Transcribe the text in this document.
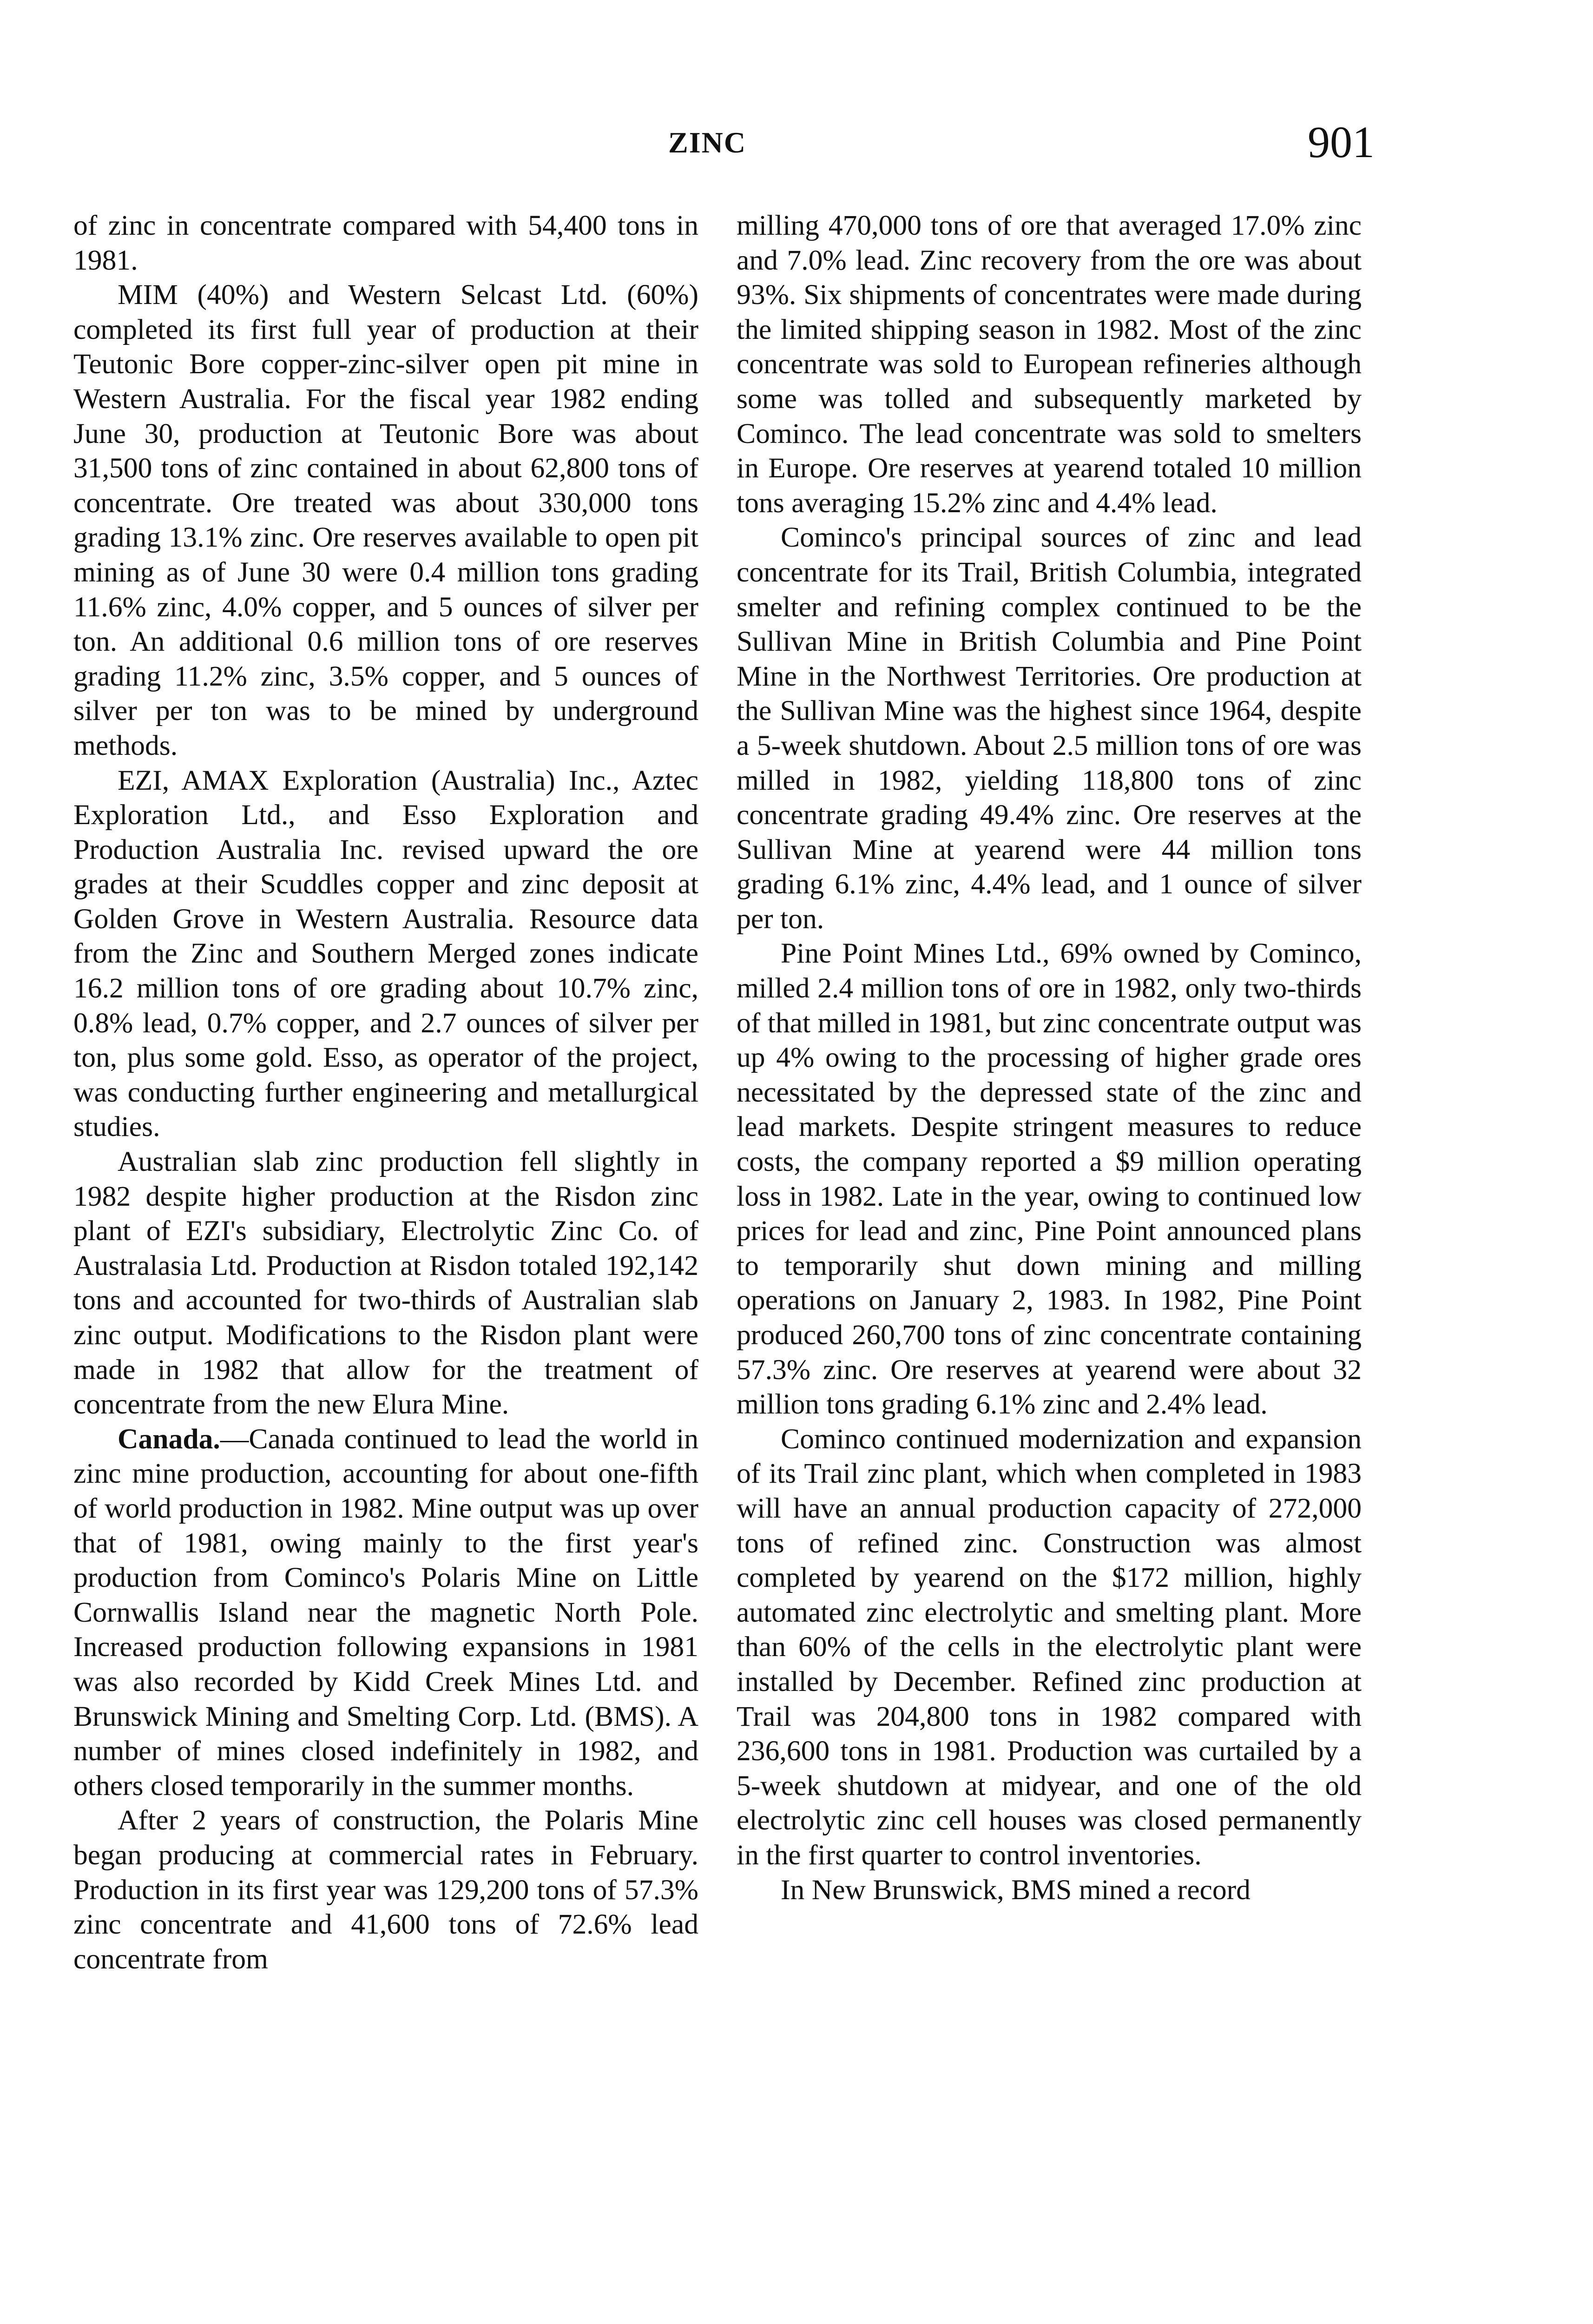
ZINC	901

of zinc in concentrate compared with 54,400 tons in 1981.

MIM (40%) and Western Selcast Ltd. (60%) completed its first full year of production at their Teutonic Bore copper-zinc-silver open pit mine in Western Australia. For the fiscal year 1982 ending June 30, production at Teutonic Bore was about 31,500 tons of zinc contained in about 62,800 tons of concentrate. Ore treated was about 330,000 tons grading 13.1% zinc. Ore reserves available to open pit mining as of June 30 were 0.4 million tons grading 11.6% zinc, 4.0% copper, and 5 ounces of silver per ton. An additional 0.6 million tons of ore reserves grading 11.2% zinc, 3.5% copper, and 5 ounces of silver per ton was to be mined by underground methods.

EZI, AMAX Exploration (Australia) Inc., Aztec Exploration Ltd., and Esso Exploration and Production Australia Inc. revised upward the ore grades at their Scuddles copper and zinc deposit at Golden Grove in Western Australia. Resource data from the Zinc and Southern Merged zones indicate 16.2 million tons of ore grading about 10.7% zinc, 0.8% lead, 0.7% copper, and 2.7 ounces of silver per ton, plus some gold. Esso, as operator of the project, was conducting further engineering and metallurgical studies.

Australian slab zinc production fell slightly in 1982 despite higher production at the Risdon zinc plant of EZI's subsidiary, Electrolytic Zinc Co. of Australasia Ltd. Production at Risdon totaled 192,142 tons and accounted for two-thirds of Australian slab zinc output. Modifications to the Risdon plant were made in 1982 that allow for the treatment of concentrate from the new Elura Mine.

Canada.—Canada continued to lead the world in zinc mine production, accounting for about one-fifth of world production in 1982. Mine output was up over that of 1981, owing mainly to the first year's production from Cominco's Polaris Mine on Little Cornwallis Island near the magnetic North Pole. Increased production following expansions in 1981 was also recorded by Kidd Creek Mines Ltd. and Brunswick Mining and Smelting Corp. Ltd. (BMS). A number of mines closed indefinitely in 1982, and others closed temporarily in the summer months.

After 2 years of construction, the Polaris Mine began producing at commercial rates in February. Production in its first year was 129,200 tons of 57.3% zinc concentrate and 41,600 tons of 72.6% lead concentrate from

milling 470,000 tons of ore that averaged 17.0% zinc and 7.0% lead. Zinc recovery from the ore was about 93%. Six shipments of concentrates were made during the limited shipping season in 1982. Most of the zinc concentrate was sold to European refineries although some was tolled and subsequently marketed by Cominco. The lead concentrate was sold to smelters in Europe. Ore reserves at yearend totaled 10 million tons averaging 15.2% zinc and 4.4% lead.

Cominco's principal sources of zinc and lead concentrate for its Trail, British Columbia, integrated smelter and refining complex continued to be the Sullivan Mine in British Columbia and Pine Point Mine in the Northwest Territories. Ore production at the Sullivan Mine was the highest since 1964, despite a 5-week shutdown. About 2.5 million tons of ore was milled in 1982, yielding 118,800 tons of zinc concentrate grading 49.4% zinc. Ore reserves at the Sullivan Mine at yearend were 44 million tons grading 6.1% zinc, 4.4% lead, and 1 ounce of silver per ton.

Pine Point Mines Ltd., 69% owned by Cominco, milled 2.4 million tons of ore in 1982, only two-thirds of that milled in 1981, but zinc concentrate output was up 4% owing to the processing of higher grade ores necessitated by the depressed state of the zinc and lead markets. Despite stringent measures to reduce costs, the company reported a $9 million operating loss in 1982. Late in the year, owing to continued low prices for lead and zinc, Pine Point announced plans to temporarily shut down mining and milling operations on January 2, 1983. In 1982, Pine Point produced 260,700 tons of zinc concentrate containing 57.3% zinc. Ore reserves at yearend were about 32 million tons grading 6.1% zinc and 2.4% lead.

Cominco continued modernization and expansion of its Trail zinc plant, which when completed in 1983 will have an annual production capacity of 272,000 tons of refined zinc. Construction was almost completed by yearend on the $172 million, highly automated zinc electrolytic and smelting plant. More than 60% of the cells in the electrolytic plant were installed by December. Refined zinc production at Trail was 204,800 tons in 1982 compared with 236,600 tons in 1981. Production was curtailed by a 5-week shutdown at midyear, and one of the old electrolytic zinc cell houses was closed permanently in the first quarter to control inventories.

In New Brunswick, BMS mined a record
